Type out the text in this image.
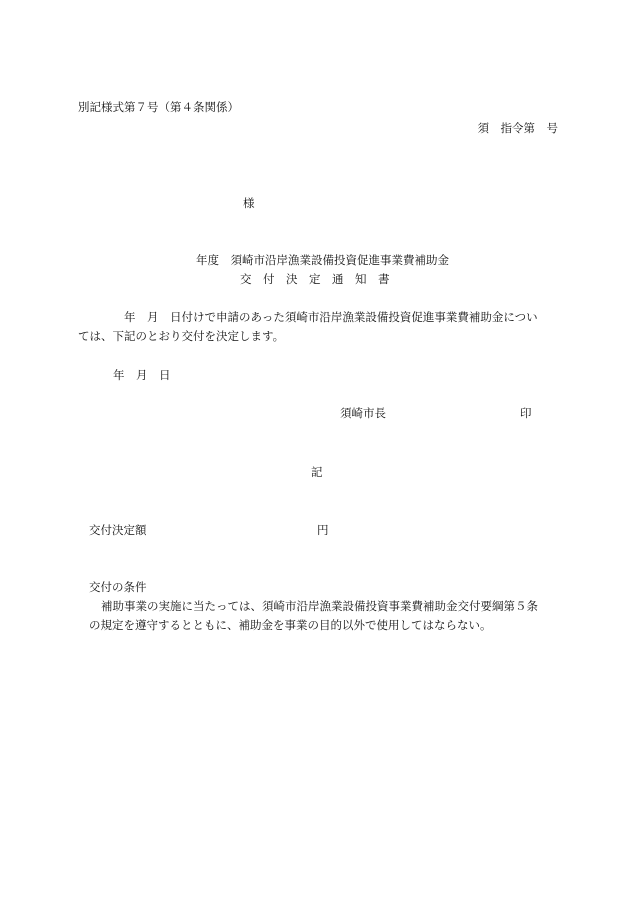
別記様式第７号（第４条関係）
須　指令第　号
様
年度　須崎市沿岸漁業設備投資促進事業費補助金
交　付　決　定　通　知　書
年　月　日付けで申請のあった須崎市沿岸漁業設備投資促進事業費補助金につい
ては、下記のとおり交付を決定します。
年　月　日
須崎市長	印
記
交付決定額	円
交付の条件
補助事業の実施に当たっては、須崎市沿岸漁業設備投資事業費補助金交付要綱第５条
の規定を遵守するとともに、補助金を事業の目的以外で使用してはならない。
